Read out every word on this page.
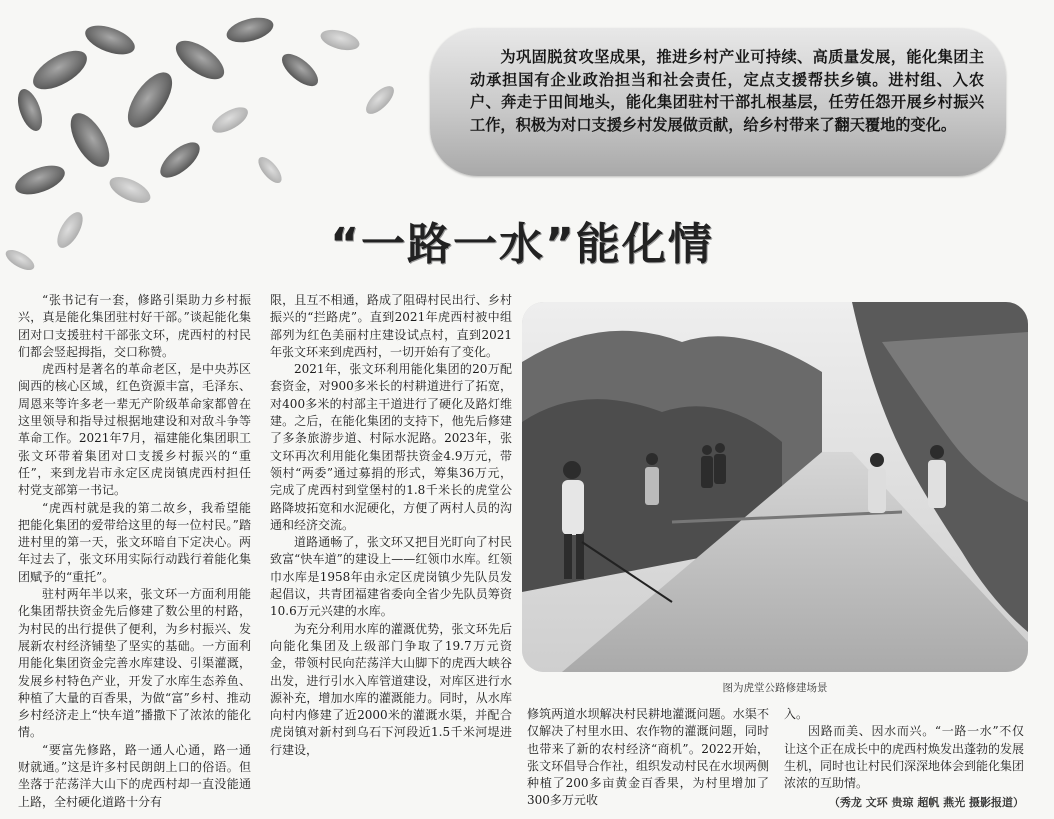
为巩固脱贫攻坚成果，推进乡村产业可持续、高质量发展，能化集团主动承担国有企业政治担当和社会责任，定点支援帮扶乡镇。进村组、入农户、奔走于田间地头，能化集团驻村干部扎根基层，任劳任怨开展乡村振兴工作，积极为对口支援乡村发展做贡献，给乡村带来了翻天覆地的变化。

“一路一水”能化情

“张书记有一套，修路引渠助力乡村振兴，真是能化集团驻村好干部。”谈起能化集团对口支援驻村干部张文环，虎西村的村民们都会竖起拇指，交口称赞。

虎西村是著名的革命老区，是中央苏区闽西的核心区域，红色资源丰富，毛泽东、周恩来等许多老一辈无产阶级革命家都曾在这里领导和指导过根据地建设和对敌斗争等革命工作。2021年7月，福建能化集团职工张文环带着集团对口支援乡村振兴的“重任”，来到龙岩市永定区虎岗镇虎西村担任村党支部第一书记。

“虎西村就是我的第二故乡，我希望能把能化集团的爱带给这里的每一位村民。”踏进村里的第一天，张文环暗自下定决心。两年过去了，张文环用实际行动践行着能化集团赋予的“重托”。

驻村两年半以来，张文环一方面利用能化集团帮扶资金先后修建了数公里的村路，为村民的出行提供了便利，为乡村振兴、发展新农村经济铺垫了坚实的基础。一方面利用能化集团资金完善水库建设、引渠灌溉，发展乡村特色产业，开发了水库生态养鱼、种植了大量的百香果，为做“富”乡村、推动乡村经济走上“快车道”播撒下了浓浓的能化情。

“要富先修路，路一通人心通，路一通财就通。”这是许多村民朗朗上口的俗语。但坐落于茫荡洋大山下的虎西村却一直没能通上路，全村硬化道路十分有

限，且互不相通，路成了阻碍村民出行、乡村振兴的“拦路虎”。直到2021年虎西村被中组部列为红色美丽村庄建设试点村，直到2021年张文环来到虎西村，一切开始有了变化。

2021年，张文环利用能化集团的20万配套资金，对900多米长的村耕道进行了拓宽，对400多米的村部主干道进行了硬化及路灯维建。之后，在能化集团的支持下，他先后修建了多条旅游步道、村际水泥路。2023年，张文环再次利用能化集团帮扶资金4.9万元，带领村“两委”通过募捐的形式，筹集36万元，完成了虎西村到堂堡村的1.8千米长的虎堂公路降坡拓宽和水泥硬化，方便了两村人员的沟通和经济交流。

道路通畅了，张文环又把目光盯向了村民致富“快车道”的建设上——红领巾水库。红领巾水库是1958年由永定区虎岗镇少先队员发起倡议，共青团福建省委向全省少先队员筹资10.6万元兴建的水库。

为充分利用水库的灌溉优势，张文环先后向能化集团及上级部门争取了19.7万元资金，带领村民向茫荡洋大山脚下的虎西大峡谷出发，进行引水入库管道建设，对库区进行水源补充，增加水库的灌溉能力。同时，从水库向村内修建了近2000米的灌溉水渠，并配合虎岗镇对新村到乌石下河段近1.5千米河堤进行建设，

图为虎堂公路修建场景

修筑两道水坝解决村民耕地灌溉问题。水渠不仅解决了村里水田、农作物的灌溉问题，同时也带来了新的农村经济“商机”。2022开始，张文环倡导合作社，组织发动村民在水坝两侧种植了200多亩黄金百香果，为村里增加了300多万元收

入。

因路而美、因水而兴。“一路一水”不仅让这个正在成长中的虎西村焕发出蓬勃的发展生机，同时也让村民们深深地体会到能化集团浓浓的互助情。

（秀龙 文环 贵琼 超帆 燕光 摄影报道）
